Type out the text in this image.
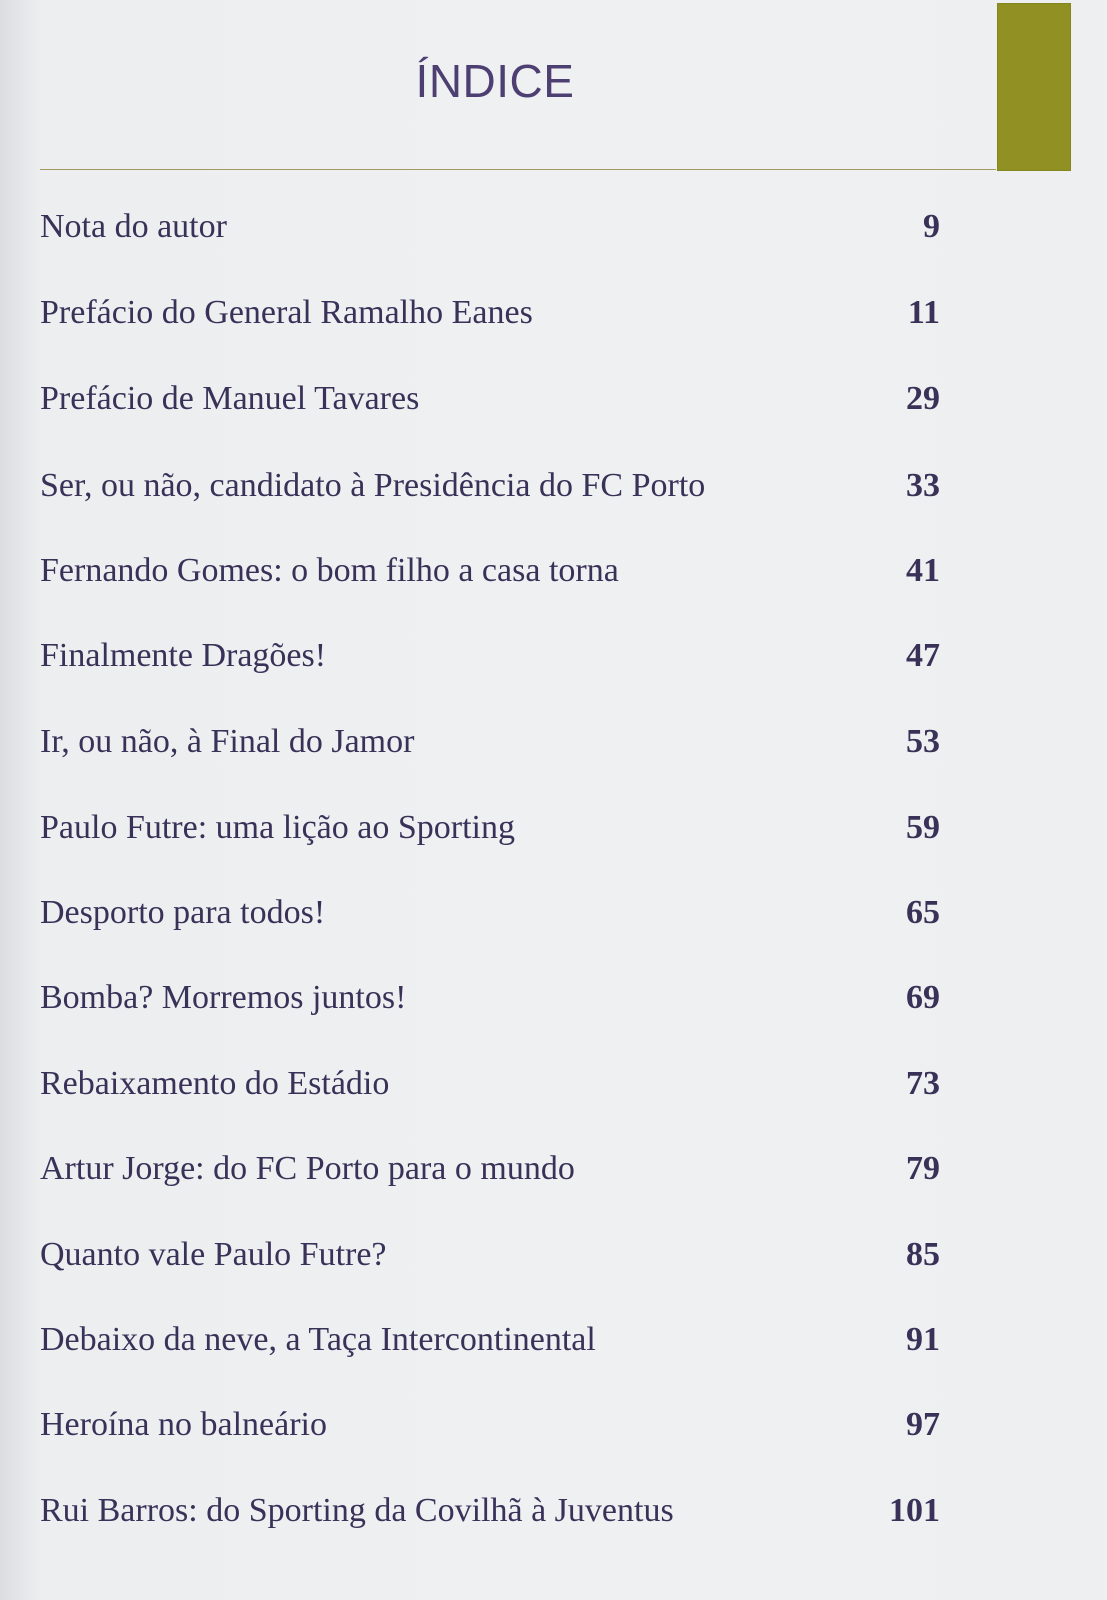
ÍNDICE
Nota do autor	9
Prefácio do General Ramalho Eanes	11
Prefácio de Manuel Tavares	29
Ser, ou não, candidato à Presidência do FC Porto	33
Fernando Gomes: o bom filho a casa torna	41
Finalmente Dragões!	47
Ir, ou não, à Final do Jamor	53
Paulo Futre: uma lição ao Sporting	59
Desporto para todos!	65
Bomba? Morremos juntos!	69
Rebaixamento do Estádio	73
Artur Jorge: do FC Porto para o mundo	79
Quanto vale Paulo Futre?	85
Debaixo da neve, a Taça Intercontinental	91
Heroína no balneário	97
Rui Barros: do Sporting da Covilhã à Juventus	101
